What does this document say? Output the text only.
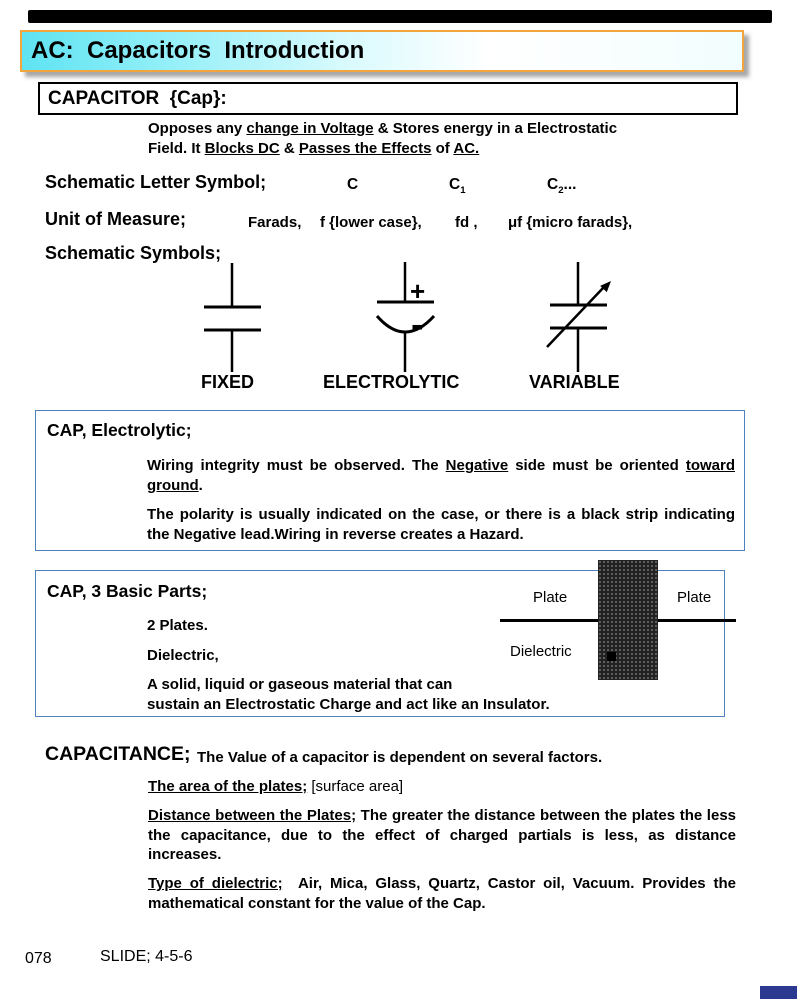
AC:  Capacitors  Introduction
CAPACITOR  {Cap}:
Opposes any change in Voltage & Stores energy in a Electrostatic
Field. It Blocks DC & Passes the Effects of AC.
Schematic Letter Symbol;	C	$C_1$	$C_2$...
Unit of Measure;	Farads, f {lower case}, fd , μf {micro farads},
Schematic Symbols;
+
-
FIXED	ELECTROLYTIC	VARIABLE
CAP, Electrolytic;
Wiring integrity must be observed. The Negative side must be oriented toward ground.
The polarity is usually indicated on the case, or there is a black strip indicating the Negative lead.Wiring in reverse creates a Hazard.
CAP, 3 Basic Parts;
2 Plates.
Dielectric,
A solid, liquid or gaseous material that can
sustain an Electrostatic Charge and act like an Insulator.
Plate	Plate
Dielectric
CAPACITANCE; The Value of a capacitor is dependent on several factors.
The area of the plates; [surface area]
Distance between the Plates; The greater the distance between the plates the less the capacitance, due to the effect of charged partials is less, as distance increases.
Type of dielectric; Air, Mica, Glass, Quartz, Castor oil, Vacuum. Provides the mathematical constant for the value of the Cap.
078	SLIDE; 4-5-6
